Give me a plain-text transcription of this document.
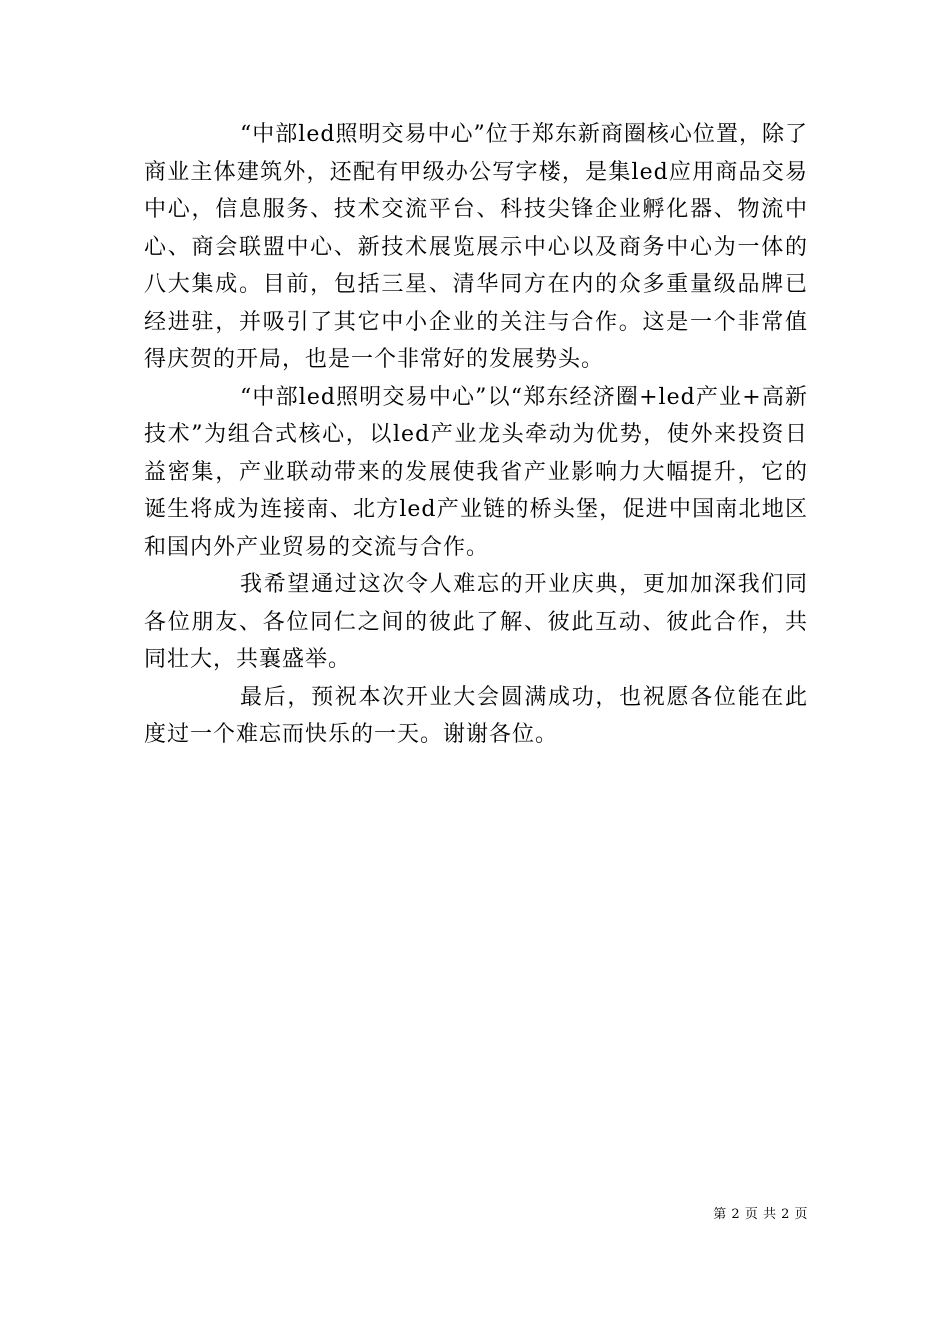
“中部led照明交易中心”位于郑东新商圈核心位置，除了商业主体建筑外，还配有甲级办公写字楼，是集led应用商品交易中心，信息服务、技术交流平台、科技尖锋企业孵化器、物流中心、商会联盟中心、新技术展览展示中心以及商务中心为一体的八大集成。目前，包括三星、清华同方在内的众多重量级品牌已经进驻，并吸引了其它中小企业的关注与合作。这是一个非常值得庆贺的开局，也是一个非常好的发展势头。

“中部led照明交易中心”以“郑东经济圈+led产业+高新技术”为组合式核心，以led产业龙头牵动为优势，使外来投资日益密集，产业联动带来的发展使我省产业影响力大幅提升，它的诞生将成为连接南、北方led产业链的桥头堡，促进中国南北地区和国内外产业贸易的交流与合作。

我希望通过这次令人难忘的开业庆典，更加加深我们同各位朋友、各位同仁之间的彼此了解、彼此互动、彼此合作，共同壮大，共襄盛举。

最后，预祝本次开业大会圆满成功，也祝愿各位能在此度过一个难忘而快乐的一天。谢谢各位。

第 2 页 共 2 页
